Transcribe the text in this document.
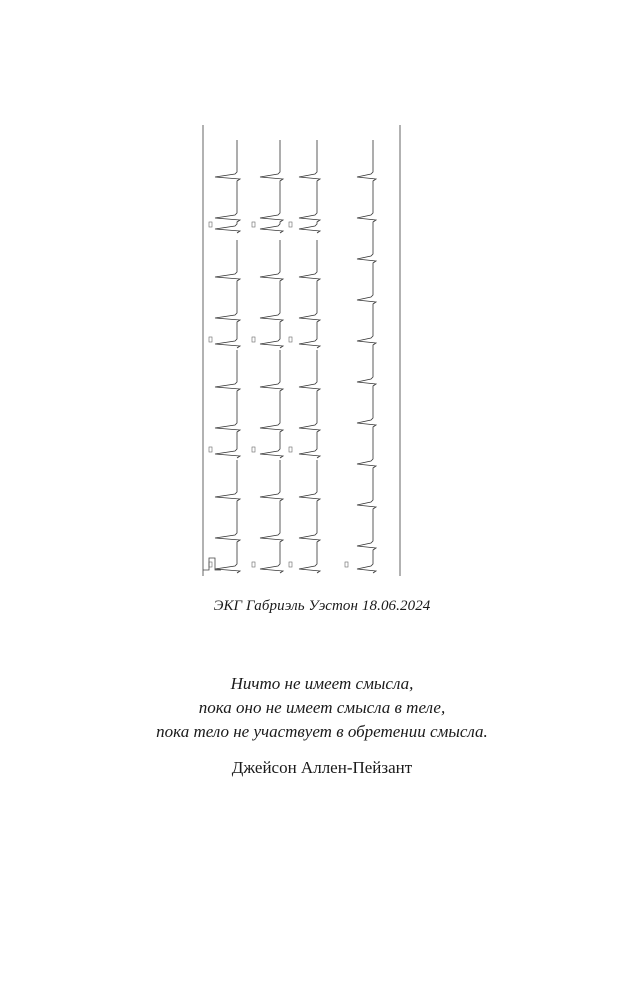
ЭКГ Габриэль Уэстон 18.06.2024
Ничто не имеет смысла,
пока оно не имеет смысла в теле,
пока тело не участвует в обретении смысла.
Джейсон Аллен-Пейзант
